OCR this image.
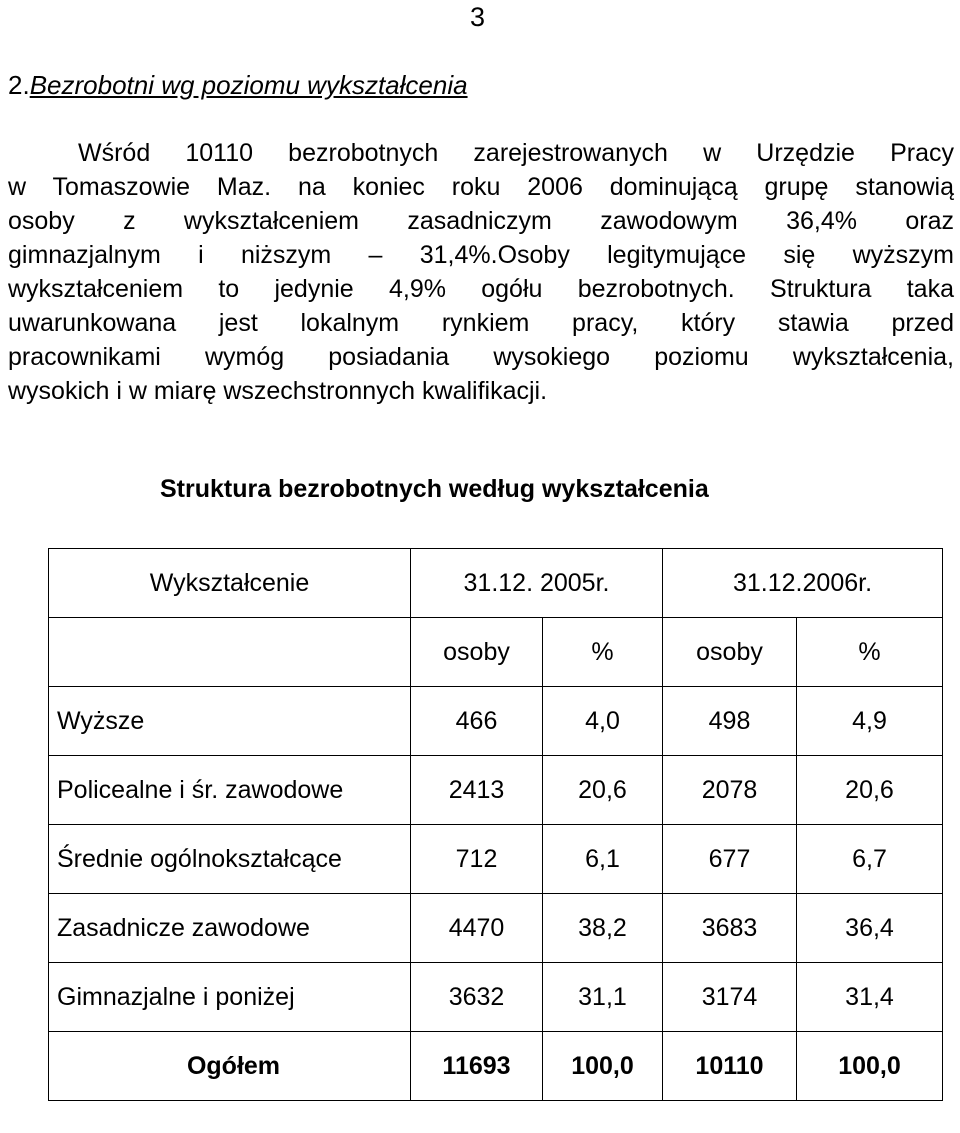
3
2.Bezrobotni wg poziomu wykształcenia
Wśród 10110 bezrobotnych zarejestrowanych w Urzędzie Pracy
w Tomaszowie Maz. na koniec roku 2006 dominującą grupę stanowią
osoby z wykształceniem zasadniczym zawodowym 36,4% oraz
gimnazjalnym i niższym – 31,4%.Osoby legitymujące się wyższym
wykształceniem to jedynie 4,9% ogółu bezrobotnych. Struktura taka
uwarunkowana jest lokalnym rynkiem pracy, który stawia przed
pracownikami wymóg posiadania wysokiego poziomu wykształcenia,
wysokich i w miarę wszechstronnych kwalifikacji.
Struktura bezrobotnych według wykształcenia
Wykształcenie	31.12. 2005r.		31.12.2006r.	
	osoby	%	osoby	%
Wyższe	466	4,0	498	4,9
Policealne i śr. zawodowe	2413	20,6	2078	20,6
Średnie ogólnokształcące	712	6,1	677	6,7
Zasadnicze zawodowe	4470	38,2	3683	36,4
Gimnazjalne i poniżej	3632	31,1	3174	31,4
Ogółem	11693	100,0	10110	100,0
